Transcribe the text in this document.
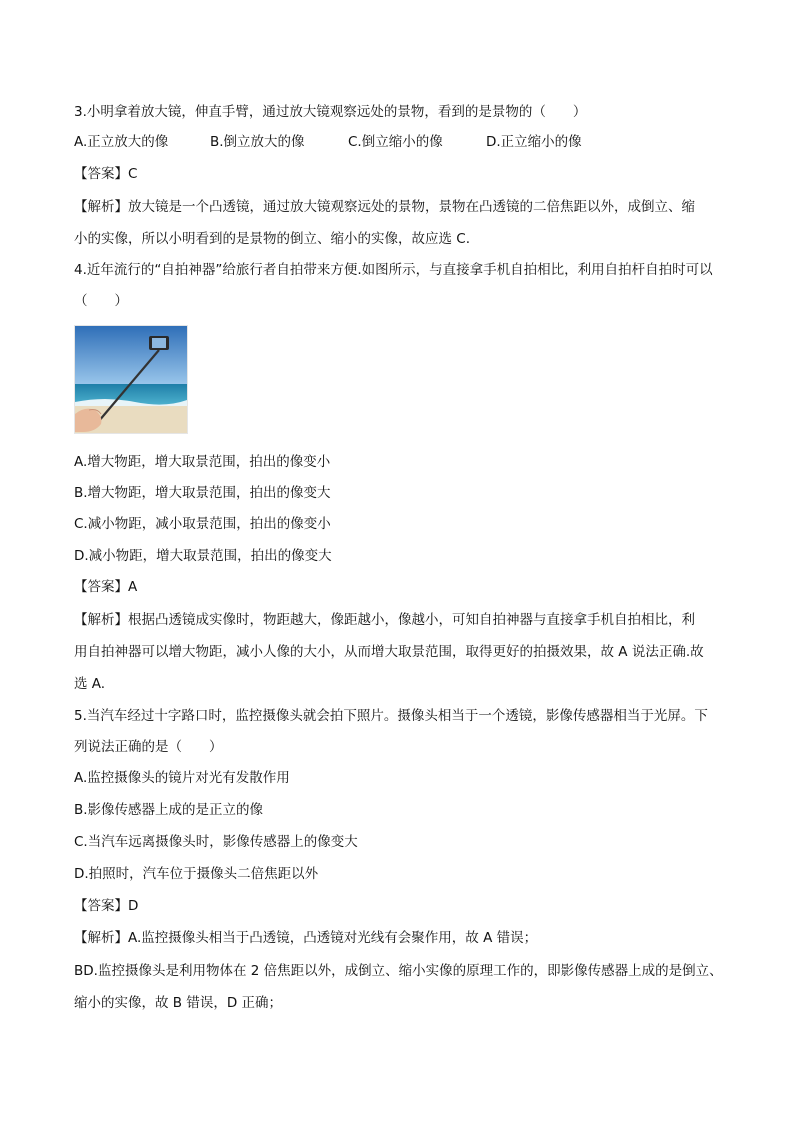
3.小明拿着放大镜，伸直手臂，通过放大镜观察远处的景物，看到的是景物的（　　）
A.正立放大的像	B.倒立放大的像	C.倒立缩小的像	D.正立缩小的像
【答案】C
【解析】放大镜是一个凸透镜，通过放大镜观察远处的景物，景物在凸透镜的二倍焦距以外，成倒立、缩
小的实像，所以小明看到的是景物的倒立、缩小的实像，故应选 C.
4.近年流行的“自拍神器”给旅行者自拍带来方便.如图所示，与直接拿手机自拍相比，利用自拍杆自拍时可以
（　　）
A.增大物距，增大取景范围，拍出的像变小
B.增大物距，增大取景范围，拍出的像变大
C.减小物距，减小取景范围，拍出的像变小
D.减小物距，增大取景范围，拍出的像变大
【答案】A
【解析】根据凸透镜成实像时，物距越大，像距越小，像越小，可知自拍神器与直接拿手机自拍相比，利
用自拍神器可以增大物距，减小人像的大小，从而增大取景范围，取得更好的拍摄效果，故 A 说法正确.故
选 A.
5.当汽车经过十字路口时，监控摄像头就会拍下照片。摄像头相当于一个透镜，影像传感器相当于光屏。下
列说法正确的是（　　）
A.监控摄像头的镜片对光有发散作用
B.影像传感器上成的是正立的像
C.当汽车远离摄像头时，影像传感器上的像变大
D.拍照时，汽车位于摄像头二倍焦距以外
【答案】D
【解析】A.监控摄像头相当于凸透镜，凸透镜对光线有会聚作用，故 A 错误；
BD.监控摄像头是利用物体在 2 倍焦距以外，成倒立、缩小实像的原理工作的，即影像传感器上成的是倒立、
缩小的实像，故 B 错误，D 正确；
